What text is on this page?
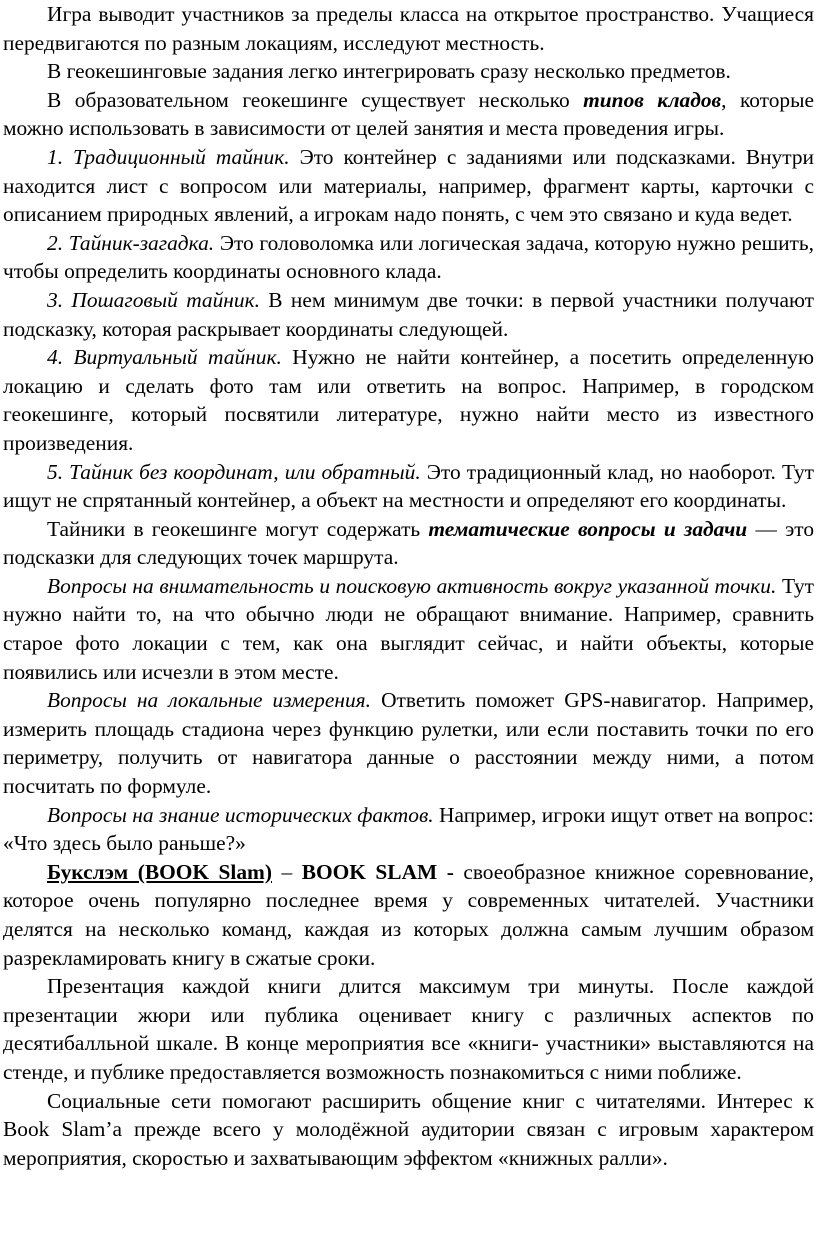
Игра выводит участников за пределы класса на открытое пространство. Учащиеся передвигаются по разным локациям, исследуют местность.

В геокешинговые задания легко интегрировать сразу несколько предметов.

В образовательном геокешинге существует несколько типов кладов, которые можно использовать в зависимости от целей занятия и места проведения игры.

1. Традиционный тайник. Это контейнер с заданиями или подсказками. Внутри находится лист с вопросом или материалы, например, фрагмент карты, карточки с описанием природных явлений, а игрокам надо понять, с чем это связано и куда ведет.

2. Тайник-загадка. Это головоломка или логическая задача, которую нужно решить, чтобы определить координаты основного клада.

3. Пошаговый тайник. В нем минимум две точки: в первой участники получают подсказку, которая раскрывает координаты следующей.

4. Виртуальный тайник. Нужно не найти контейнер, а посетить определенную локацию и сделать фото там или ответить на вопрос. Например, в городском геокешинге, который посвятили литературе, нужно найти место из известного произведения.

5. Тайник без координат, или обратный. Это традиционный клад, но наоборот. Тут ищут не спрятанный контейнер, а объект на местности и определяют его координаты.

Тайники в геокешинге могут содержать тематические вопросы и задачи — это подсказки для следующих точек маршрута.

Вопросы на внимательность и поисковую активность вокруг указанной точки. Тут нужно найти то, на что обычно люди не обращают внимание. Например, сравнить старое фото локации с тем, как она выглядит сейчас, и найти объекты, которые появились или исчезли в этом месте.

Вопросы на локальные измерения. Ответить поможет GPS-навигатор. Например, измерить площадь стадиона через функцию рулетки, или если поставить точки по его периметру, получить от навигатора данные о расстоянии между ними, а потом посчитать по формуле.

Вопросы на знание исторических фактов. Например, игроки ищут ответ на вопрос: «Что здесь было раньше?»

Букслэм (BOOK Slam) – BOOK SLAM - своеобразное книжное соревнование, которое очень популярно последнее время у современных читателей. Участники делятся на несколько команд, каждая из которых должна самым лучшим образом разрекламировать книгу в сжатые сроки.

Презентация каждой книги длится максимум три минуты. После каждой презентации жюри или публика оценивает книгу с различных аспектов по десятибалльной шкале. В конце мероприятия все «книги- участники» выставляются на стенде, и публике предоставляется возможность познакомиться с ними поближе.

Социальные сети помогают расширить общение книг с читателями. Интерес к Book Slam’a прежде всего у молодёжной аудитории связан с игровым характером мероприятия, скоростью и захватывающим эффектом «книжных ралли».
